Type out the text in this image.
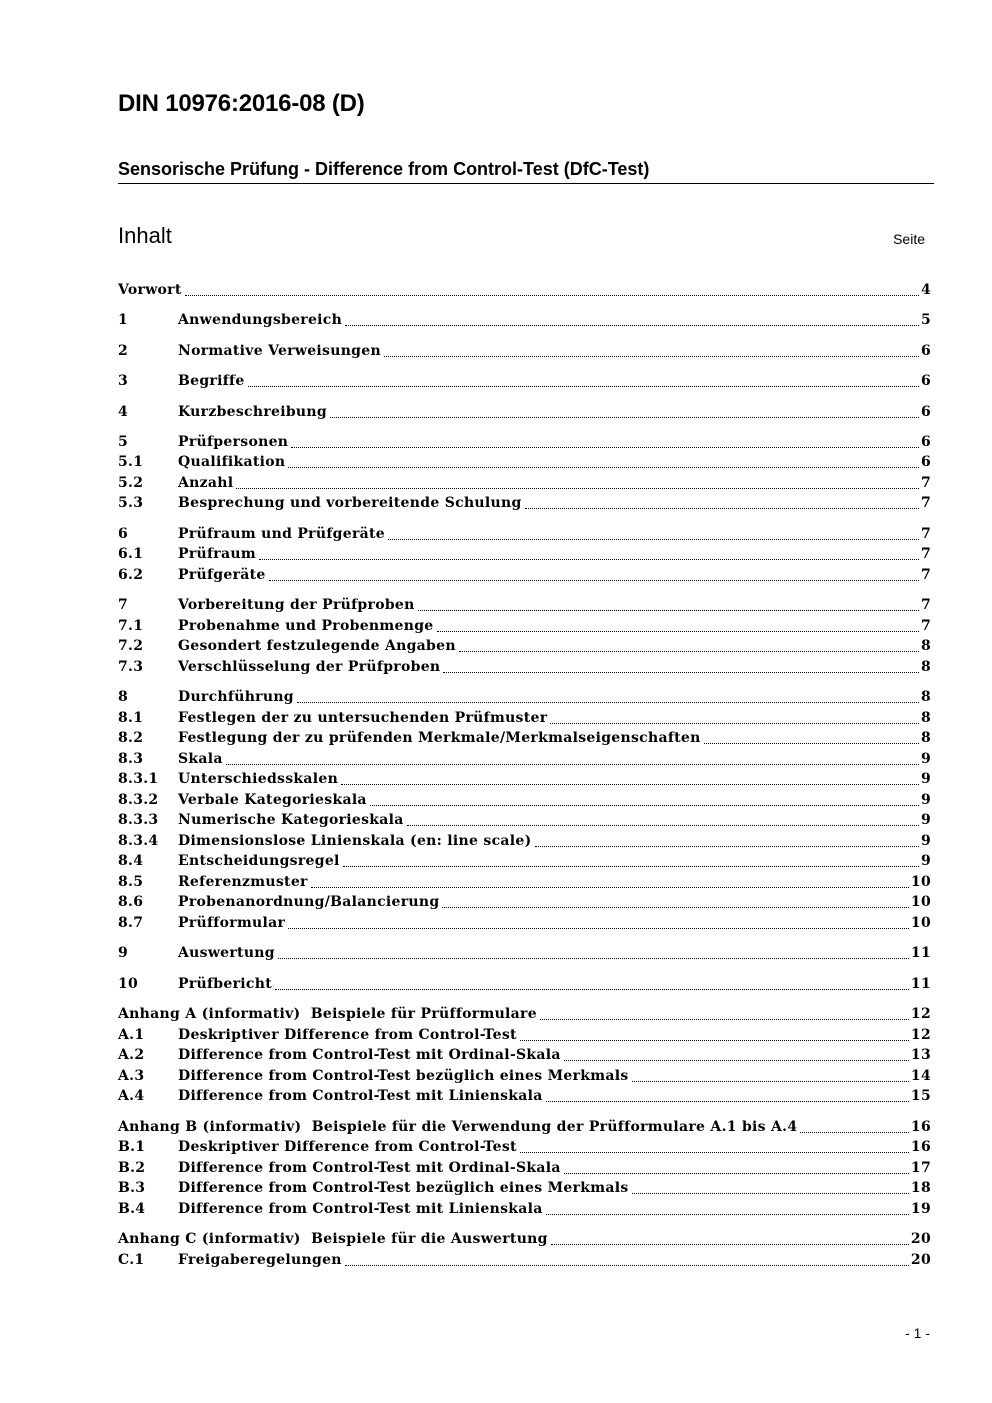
DIN 10976:2016-08 (D)
Sensorische Prüfung - Difference from Control-Test (DfC-Test)
Inhalt	Seite
Vorwort	4
1	Anwendungsbereich	5
2	Normative Verweisungen	6
3	Begriffe	6
4	Kurzbeschreibung	6
5	Prüfpersonen	6
5.1	Qualifikation	6
5.2	Anzahl	7
5.3	Besprechung und vorbereitende Schulung	7
6	Prüfraum und Prüfgeräte	7
6.1	Prüfraum	7
6.2	Prüfgeräte	7
7	Vorbereitung der Prüfproben	7
7.1	Probenahme und Probenmenge	7
7.2	Gesondert festzulegende Angaben	8
7.3	Verschlüsselung der Prüfproben	8
8	Durchführung	8
8.1	Festlegen der zu untersuchenden Prüfmuster	8
8.2	Festlegung der zu prüfenden Merkmale/Merkmalseigenschaften	8
8.3	Skala	9
8.3.1	Unterschiedsskalen	9
8.3.2	Verbale Kategorieskala	9
8.3.3	Numerische Kategorieskala	9
8.3.4	Dimensionslose Linienskala (en: line scale)	9
8.4	Entscheidungsregel	9
8.5	Referenzmuster	10
8.6	Probenanordnung/Balancierung	10
8.7	Prüfformular	10
9	Auswertung	11
10	Prüfbericht	11
Anhang A (informativ)  Beispiele für Prüfformulare	12
A.1	Deskriptiver Difference from Control-Test	12
A.2	Difference from Control-Test mit Ordinal-Skala	13
A.3	Difference from Control-Test bezüglich eines Merkmals	14
A.4	Difference from Control-Test mit Linienskala	15
Anhang B (informativ)  Beispiele für die Verwendung der Prüfformulare A.1 bis A.4	16
B.1	Deskriptiver Difference from Control-Test	16
B.2	Difference from Control-Test mit Ordinal-Skala	17
B.3	Difference from Control-Test bezüglich eines Merkmals	18
B.4	Difference from Control-Test mit Linienskala	19
Anhang C (informativ)  Beispiele für die Auswertung	20
C.1	Freigaberegelungen	20
- 1 -
